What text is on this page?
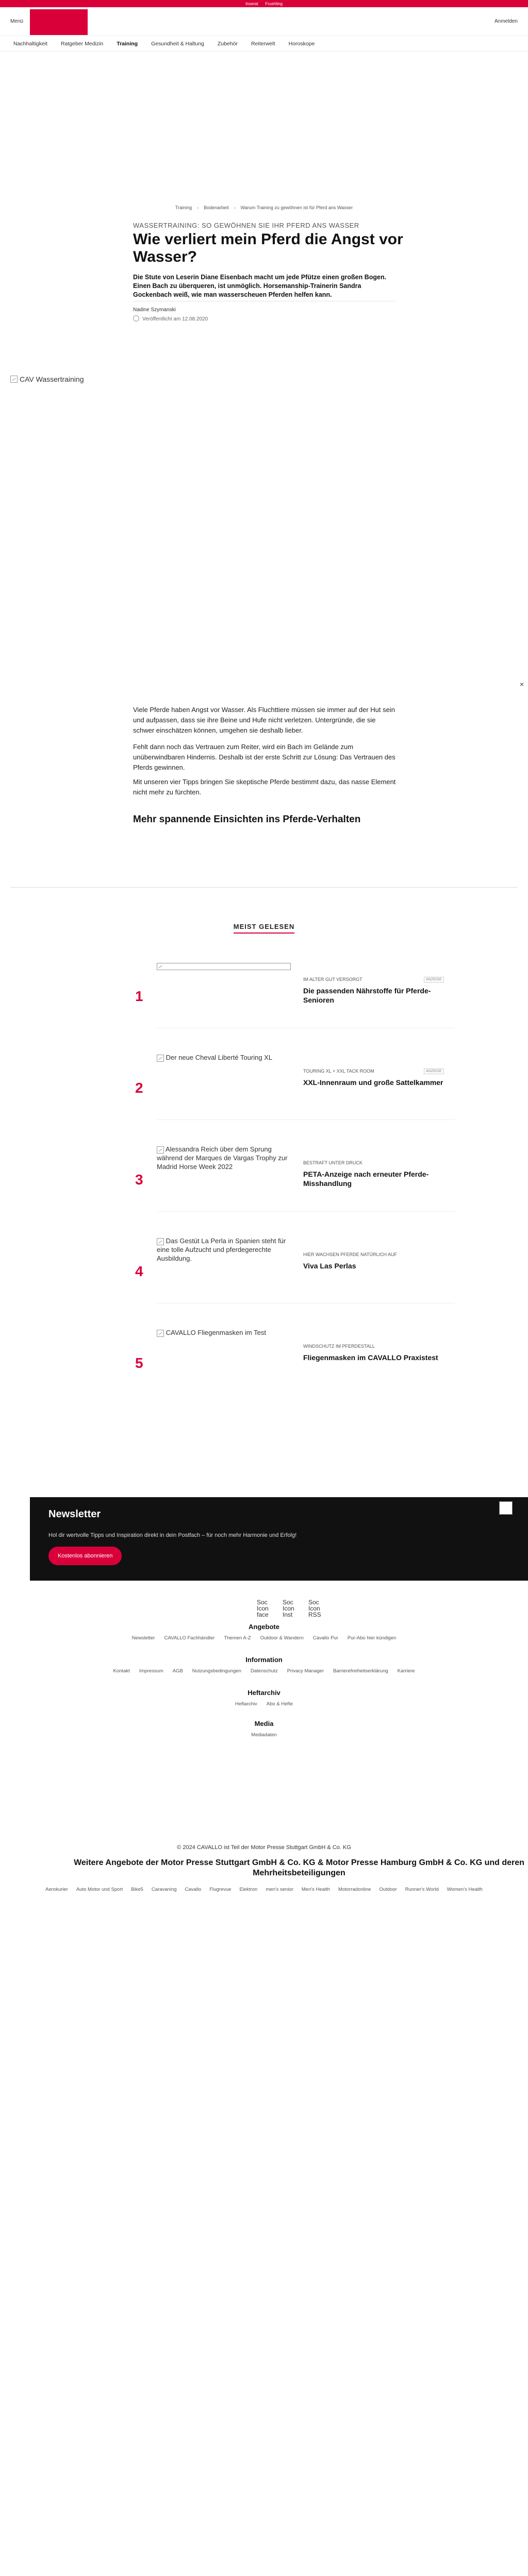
Inserat Fruehling
Menü	Anmelden
Nachhaltigkeit Ratgeber Medizin Training Gesundheit & Haltung Zubehör Reiterwelt Horoskope
Training › Bodenarbeit › Warum Training zu gewöhnen ist für Pferd ans Wasser
WASSERTRAINING: SO GEWÖHNEN SIE IHR PFERD ANS WASSER
Wie verliert mein Pferd die Angst vor Wasser?

Die Stute von Leserin Diane Eisenbach macht um jede Pfütze einen großen Bogen. Einen Bach zu überqueren, ist unmöglich. Horsemanship-Trainerin Sandra Gockenbach weiß, wie man wasserscheuen Pferden helfen kann.

Nadine Szymanski
Veröffentlicht am 12.08.2020
CAV Wassertraining
×

Viele Pferde haben Angst vor Wasser. Als Fluchttiere müssen sie immer auf der Hut sein und aufpassen, dass sie ihre Beine und Hufe nicht verletzen. Untergründe, die sie schwer einschätzen können, umgehen sie deshalb lieber.

Fehlt dann noch das Vertrauen zum Reiter, wird ein Bach im Gelände zum unüberwindbaren Hindernis. Deshalb ist der erste Schritt zur Lösung: Das Vertrauen des Pferds gewinnen.

Mit unseren vier Tipps bringen Sie skeptische Pferde bestimmt dazu, das nasse Element nicht mehr zu fürchten.

Mehr spannende Einsichten ins Pferde-Verhalten
MEIST GELESEN
1
IM ALTER GUT VERSORGT	ANZEIGE
Die passenden Nährstoffe für Pferde-Senioren
2
Der neue Cheval Liberté Touring XL
TOURING XL + XXL TACK ROOM	ANZEIGE
XXL-Innenraum und große Sattelkammer
3
Alessandra Reich über dem Sprung während der Marques de Vargas Trophy zur Madrid Horse Week 2022	BESTRAFT UNTER DRUCK
PETA-Anzeige nach erneuter Pferde-Misshandlung
4
Das Gestüt La Perla in Spanien steht für eine tolle Aufzucht und pferdegerechte Ausbildung.	HIER WACHSEN PFERDE NATÜRLICH AUF
Viva Las Perlas
5
CAVALLO Fliegenmasken im Test
WINDSCHUTZ IM PFERDESTALL
Fliegenmasken im CAVALLO Praxistest
Newsletter

Hol dir wertvolle Tipps und Inspiration direkt in dein Postfach – für noch mehr Harmonie und Erfolg!

Kostenlos abonnieren
Soc Icon face
Soc Icon Inst
Soc Icon RSS
Angebote
Newsletter CAVALLO Fachhändler Themen A-Z Outdoor & Wandern Cavallo Pur Pur-Abo hier kündigen
Information
Kontakt Impressum AGB Nutzungsbedingungen Datenschutz Privacy Manager Barrierefreiheitserklärung Karriere
Heftarchiv
Heftarchiv Abo & Hefte
Media
Mediadaten
© 2024 CAVALLO ist Teil der Motor Presse Stuttgart GmbH & Co. KG
Weitere Angebote der Motor Presse Stuttgart GmbH & Co. KG & Motor Presse Hamburg GmbH & Co. KG und deren Mehrheitsbeteiligungen
Aerokurier Auto Motor und Sport Bike5 Caravaning Cavallo Flugrevue Elektron men's senior Men's Health Motorradonline Outdoor Runner's World Women's Health
